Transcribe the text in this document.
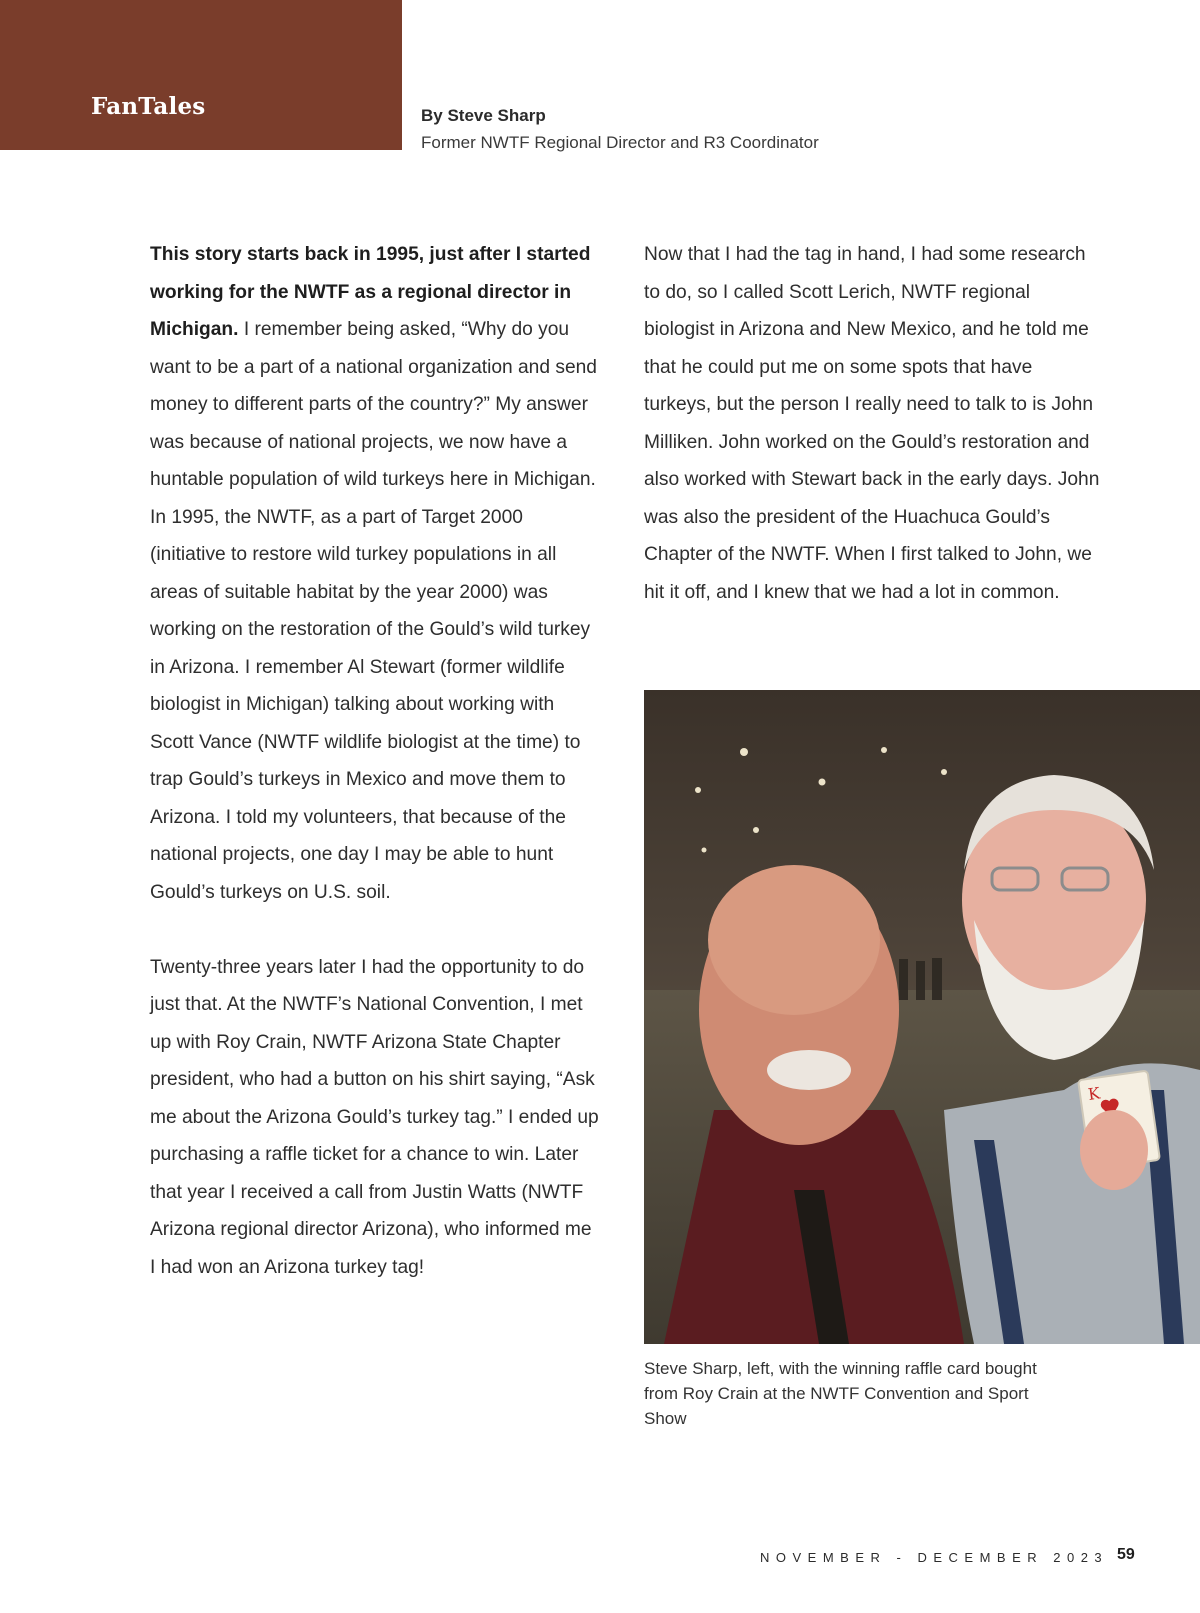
FanTales	By Steve Sharp
Former NWTF Regional Director and R3 Coordinator

This story starts back in 1995, just after I started working for the NWTF as a regional director in Michigan. I remember being asked, “Why do you want to be a part of a national organization and send money to different parts of the country?” My answer was because of national projects, we now have a huntable population of wild turkeys here in Michigan.

In 1995, the NWTF, as a part of Target 2000 (initiative to restore wild turkey populations in all areas of suitable habitat by the year 2000) was working on the restoration of the Gould’s wild turkey in Arizona. I remember Al Stewart (former wildlife biologist in Michigan) talking about working with Scott Vance (NWTF wildlife biologist at the time) to trap Gould’s turkeys in Mexico and move them to Arizona. I told my volunteers, that because of the national projects, one day I may be able to hunt Gould’s turkeys on U.S. soil.

Twenty-three years later I had the opportunity to do just that. At the NWTF’s National Convention, I met up with Roy Crain, NWTF Arizona State Chapter president, who had a button on his shirt saying, “Ask me about the Arizona Gould’s turkey tag.” I ended up purchasing a raffle ticket for a chance to win. Later that year I received a call from Justin Watts (NWTF Arizona regional director Arizona), who informed me I had won an Arizona turkey tag!

Now that I had the tag in hand, I had some research to do, so I called Scott Lerich, NWTF regional biologist in Arizona and New Mexico, and he told me that he could put me on some spots that have turkeys, but the person I really need to talk to is John Milliken. John worked on the Gould’s restoration and also worked with Stewart back in the early days. John was also the president of the Huachuca Gould’s Chapter of the NWTF. When I first talked to John, we hit it off, and I knew that we had a lot in common.

K
Steve Sharp, left, with the winning raffle card bought from Roy Crain at the NWTF Convention and Sport Show
NOVEMBER - DECEMBER 2023 59
